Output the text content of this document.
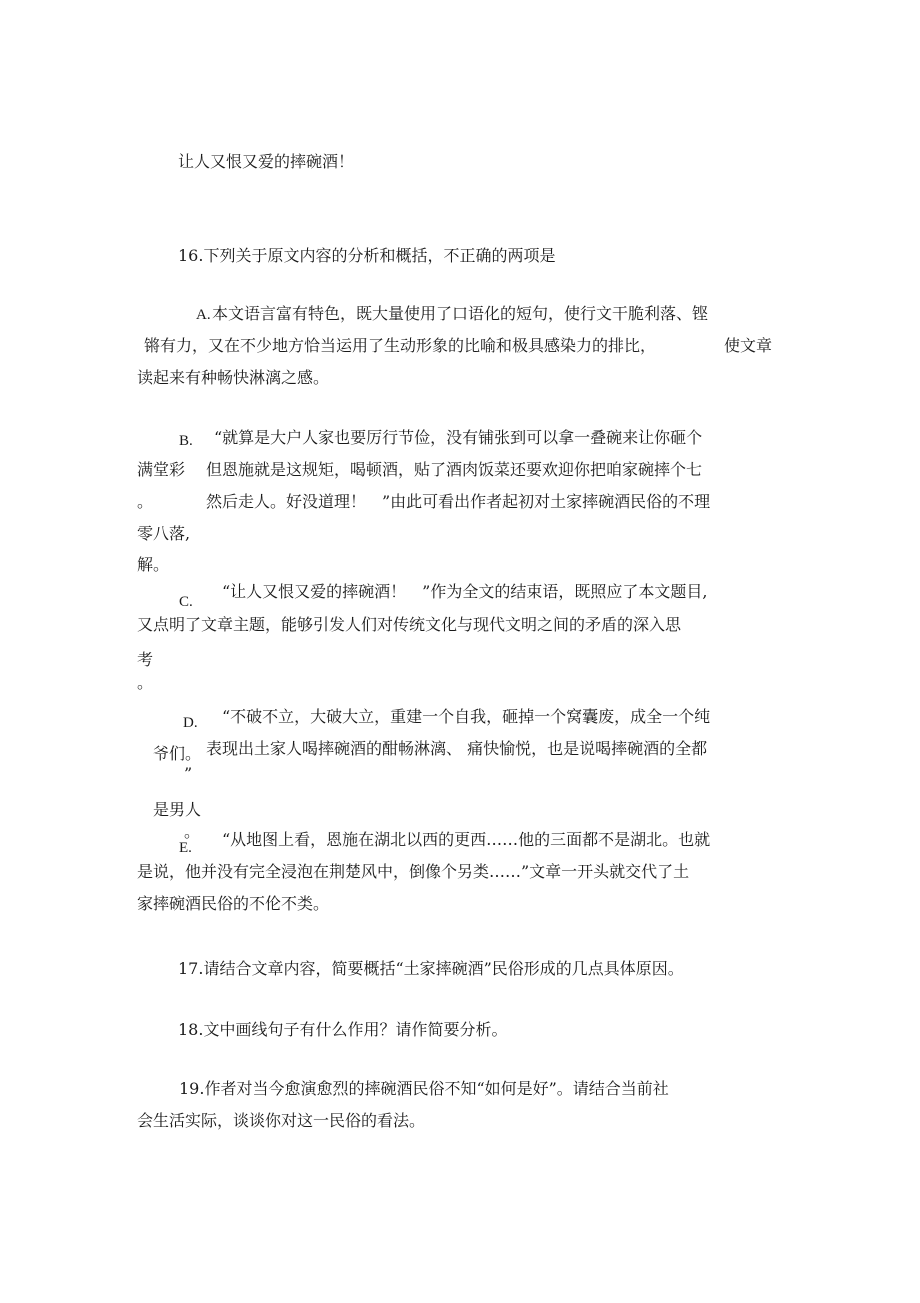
让人又恨又爱的摔碗酒！
16.下列关于原文内容的分析和概括，不正确的两项是
A. 本文语言富有特色，既大量使用了口语化的短句，使行文干脆利落、铿
锵有力，又在不少地方恰当运用了生动形象的比喻和极具感染力的排比，	使文章
读起来有种畅快淋漓之感。
B. “就算是大户人家也要厉行节俭，没有铺张到可以拿一叠碗来让你砸个
满堂彩 但恩施就是这规矩，喝顿酒，贴了酒肉饭菜还要欢迎你把咱家碗摔个七
。	然后走人。好没道理！　”由此可看出作者起初对土家摔碗酒民俗的不理
零八落,
解。
C.
“让人又恨又爱的摔碗酒！　”作为全文的结束语，既照应了本文题目,
又点明了文章主题，能够引发人们对传统文化与现代文明之间的矛盾的深入思
考
。
D. “不破不立，大破大立，重建一个自我，砸掉一个窝囊废，成全一个纯
爷们。 表现出土家人喝摔碗酒的酣畅淋漓、 痛快愉悦，也是说喝摔碗酒的全都
”
是男人
。
E. “从地图上看，恩施在湖北以西的更西……他的三面都不是湖北。也就
是说，他并没有完全浸泡在荆楚风中，倒像个另类……”文章一开头就交代了土
家摔碗酒民俗的不伦不类。
17.请结合文章内容，简要概括“土家摔碗酒”民俗形成的几点具体原因。
18.文中画线句子有什么作用？请作简要分析。
19.作者对当今愈演愈烈的摔碗酒民俗不知“如何是好”。请结合当前社
会生活实际，谈谈你对这一民俗的看法。
